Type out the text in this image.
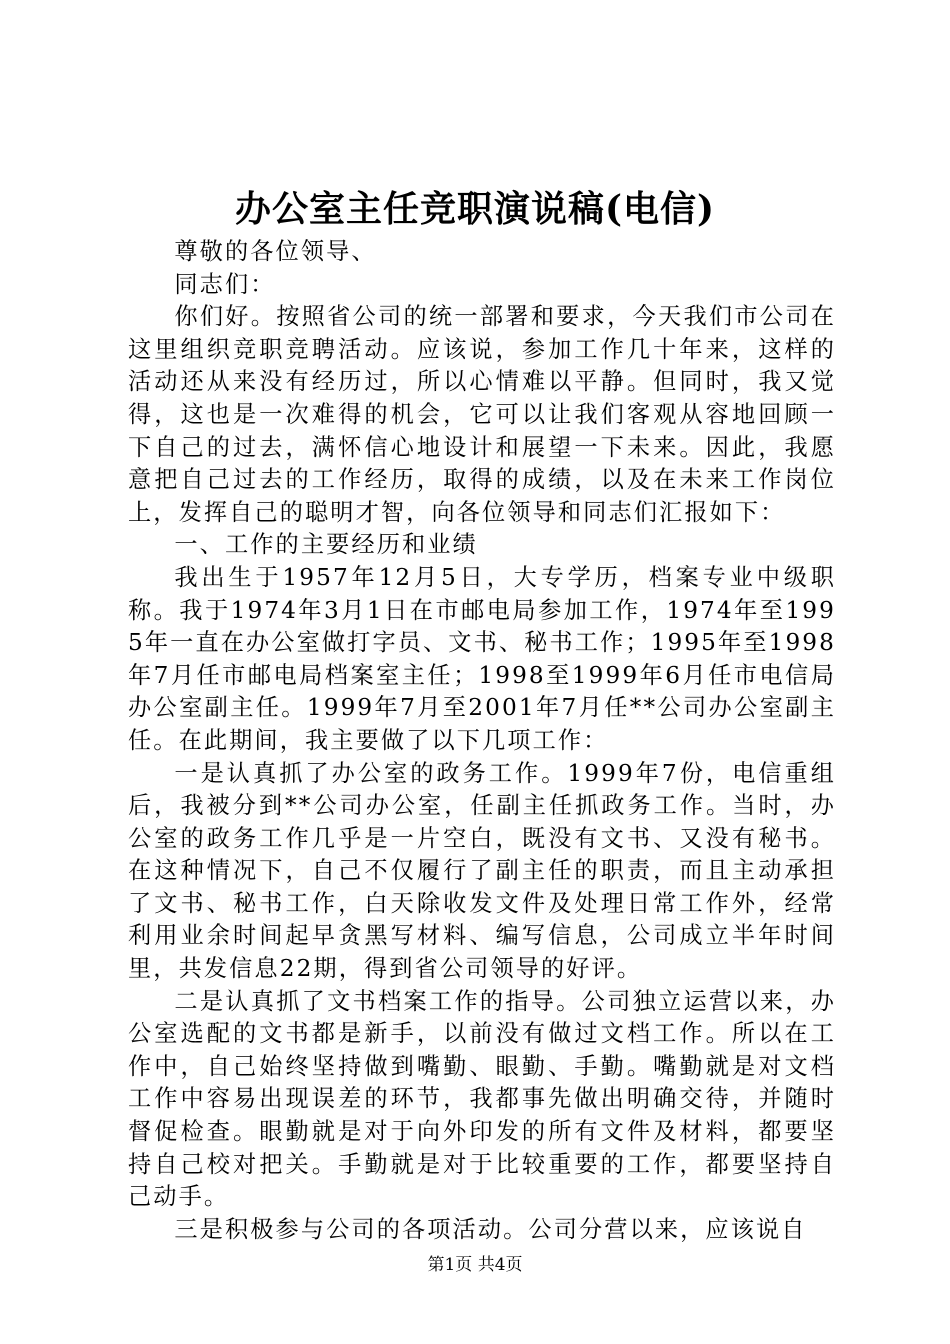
办公室主任竞职演说稿(电信)

尊敬的各位领导、

同志们：

你们好。按照省公司的统一部署和要求，今天我们市公司在这里组织竞职竞聘活动。应该说，参加工作几十年来，这样的活动还从来没有经历过，所以心情难以平静。但同时，我又觉得，这也是一次难得的机会，它可以让我们客观从容地回顾一下自己的过去，满怀信心地设计和展望一下未来。因此，我愿意把自己过去的工作经历，取得的成绩，以及在未来工作岗位上，发挥自己的聪明才智，向各位领导和同志们汇报如下：

一、工作的主要经历和业绩

我出生于1957年12月5日，大专学历，档案专业中级职称。我于1974年3月1日在市邮电局参加工作，1974年至1995年一直在办公室做打字员、文书、秘书工作；1995年至1998年7月任市邮电局档案室主任；1998至1999年6月任市电信局办公室副主任。1999年7月至2001年7月任**公司办公室副主任。在此期间，我主要做了以下几项工作：

一是认真抓了办公室的政务工作。1999年7份，电信重组后，我被分到**公司办公室，任副主任抓政务工作。当时，办公室的政务工作几乎是一片空白，既没有文书、又没有秘书。在这种情况下，自己不仅履行了副主任的职责，而且主动承担了文书、秘书工作，白天除收发文件及处理日常工作外，经常利用业余时间起早贪黑写材料、编写信息，公司成立半年时间里，共发信息22期，得到省公司领导的好评。

二是认真抓了文书档案工作的指导。公司独立运营以来，办公室选配的文书都是新手，以前没有做过文档工作。所以在工作中，自己始终坚持做到嘴勤、眼勤、手勤。嘴勤就是对文档工作中容易出现误差的环节，我都事先做出明确交待，并随时督促检查。眼勤就是对于向外印发的所有文件及材料，都要坚持自己校对把关。手勤就是对于比较重要的工作，都要坚持自己动手。

三是积极参与公司的各项活动。公司分营以来，应该说自

第1页 共4页
